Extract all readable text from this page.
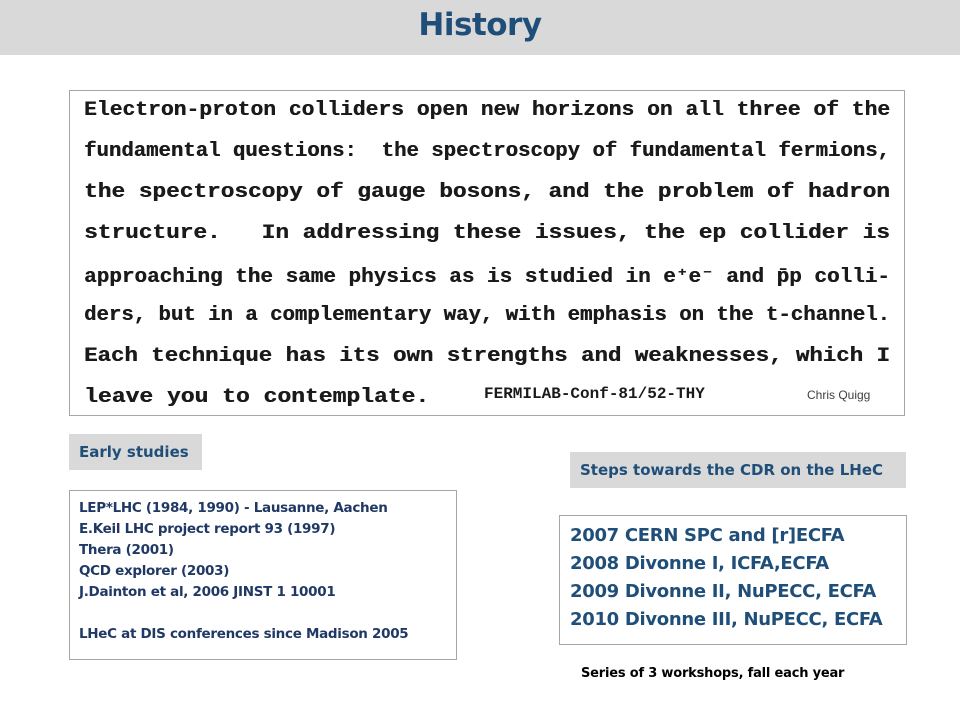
History
Electron-proton colliders open new horizons on all three of the
fundamental questions:  the spectroscopy of fundamental fermions,
the spectroscopy of gauge bosons, and the problem of hadron
structure.   In addressing these issues, the ep collider is
approaching the same physics as is studied in e⁺e⁻ and p̄p colli-
ders, but in a complementary way, with emphasis on the t-channel.
Each technique has its own strengths and weaknesses, which I
leave you to contemplate.	FERMILAB-Conf-81/52-THY	Chris Quigg
Early studies
Steps towards the CDR on the LHeC
LEP*LHC (1984, 1990) - Lausanne, Aachen
E.Keil LHC project report 93 (1997)
Thera (2001)
QCD explorer (2003)
J.Dainton et al, 2006 JINST 1 10001
LHeC at DIS conferences since Madison 2005
2007 CERN SPC and [r]ECFA
2008 Divonne I, ICFA,ECFA
2009 Divonne II, NuPECC, ECFA
2010 Divonne III, NuPECC, ECFA
Series of 3 workshops, fall each year
